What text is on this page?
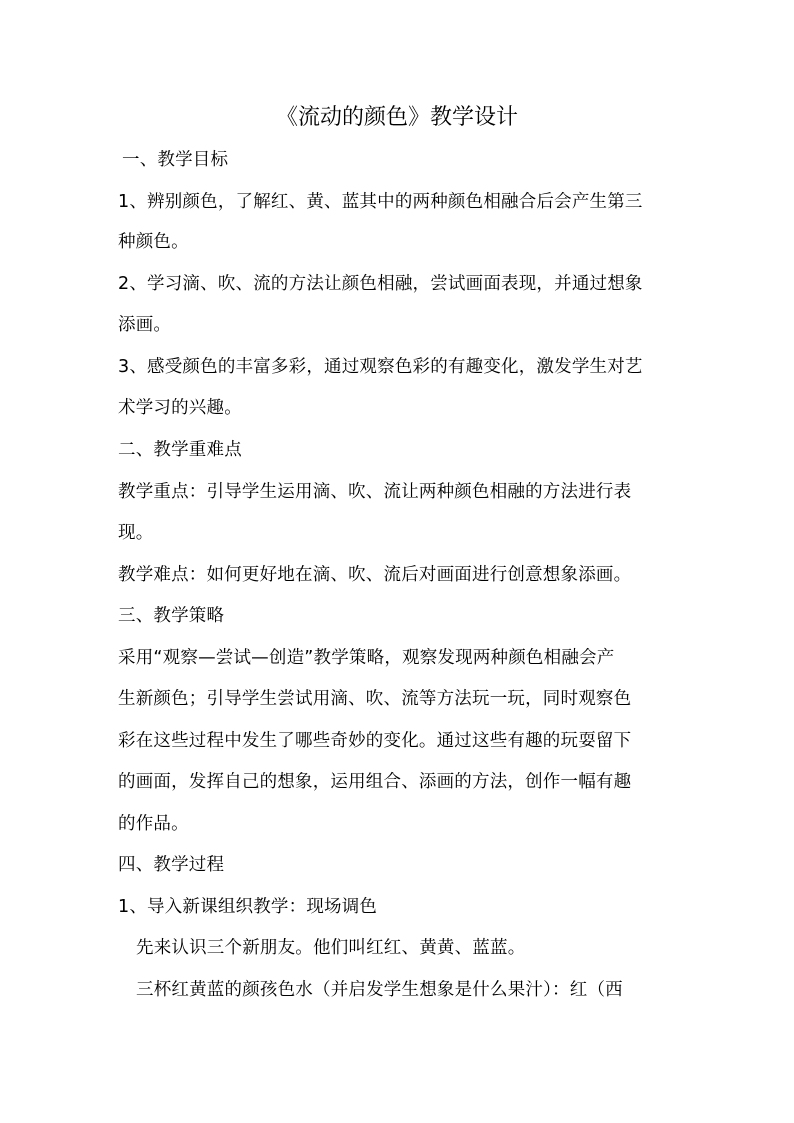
《流动的颜色》教学设计
一、教学目标
1、辨别颜色，了解红、黄、蓝其中的两种颜色相融合后会产生第三
种颜色。
2、学习滴、吹、流的方法让颜色相融，尝试画面表现，并通过想象
添画。
3、感受颜色的丰富多彩，通过观察色彩的有趣变化，激发学生对艺
术学习的兴趣。
二、教学重难点
教学重点：引导学生运用滴、吹、流让两种颜色相融的方法进行表
现。
教学难点：如何更好地在滴、吹、流后对画面进行创意想象添画。
三、教学策略
采用“观察—尝试—创造”教学策略，观察发现两种颜色相融会产
生新颜色；引导学生尝试用滴、吹、流等方法玩一玩，同时观察色
彩在这些过程中发生了哪些奇妙的变化。通过这些有趣的玩耍留下
的画面，发挥自己的想象，运用组合、添画的方法，创作一幅有趣
的作品。
四、教学过程
1、导入新课组织教学：现场调色
先来认识三个新朋友。他们叫红红、黄黄、蓝蓝。
三杯红黄蓝的颜孩色水（并启发学生想象是什么果汁）：红（西
